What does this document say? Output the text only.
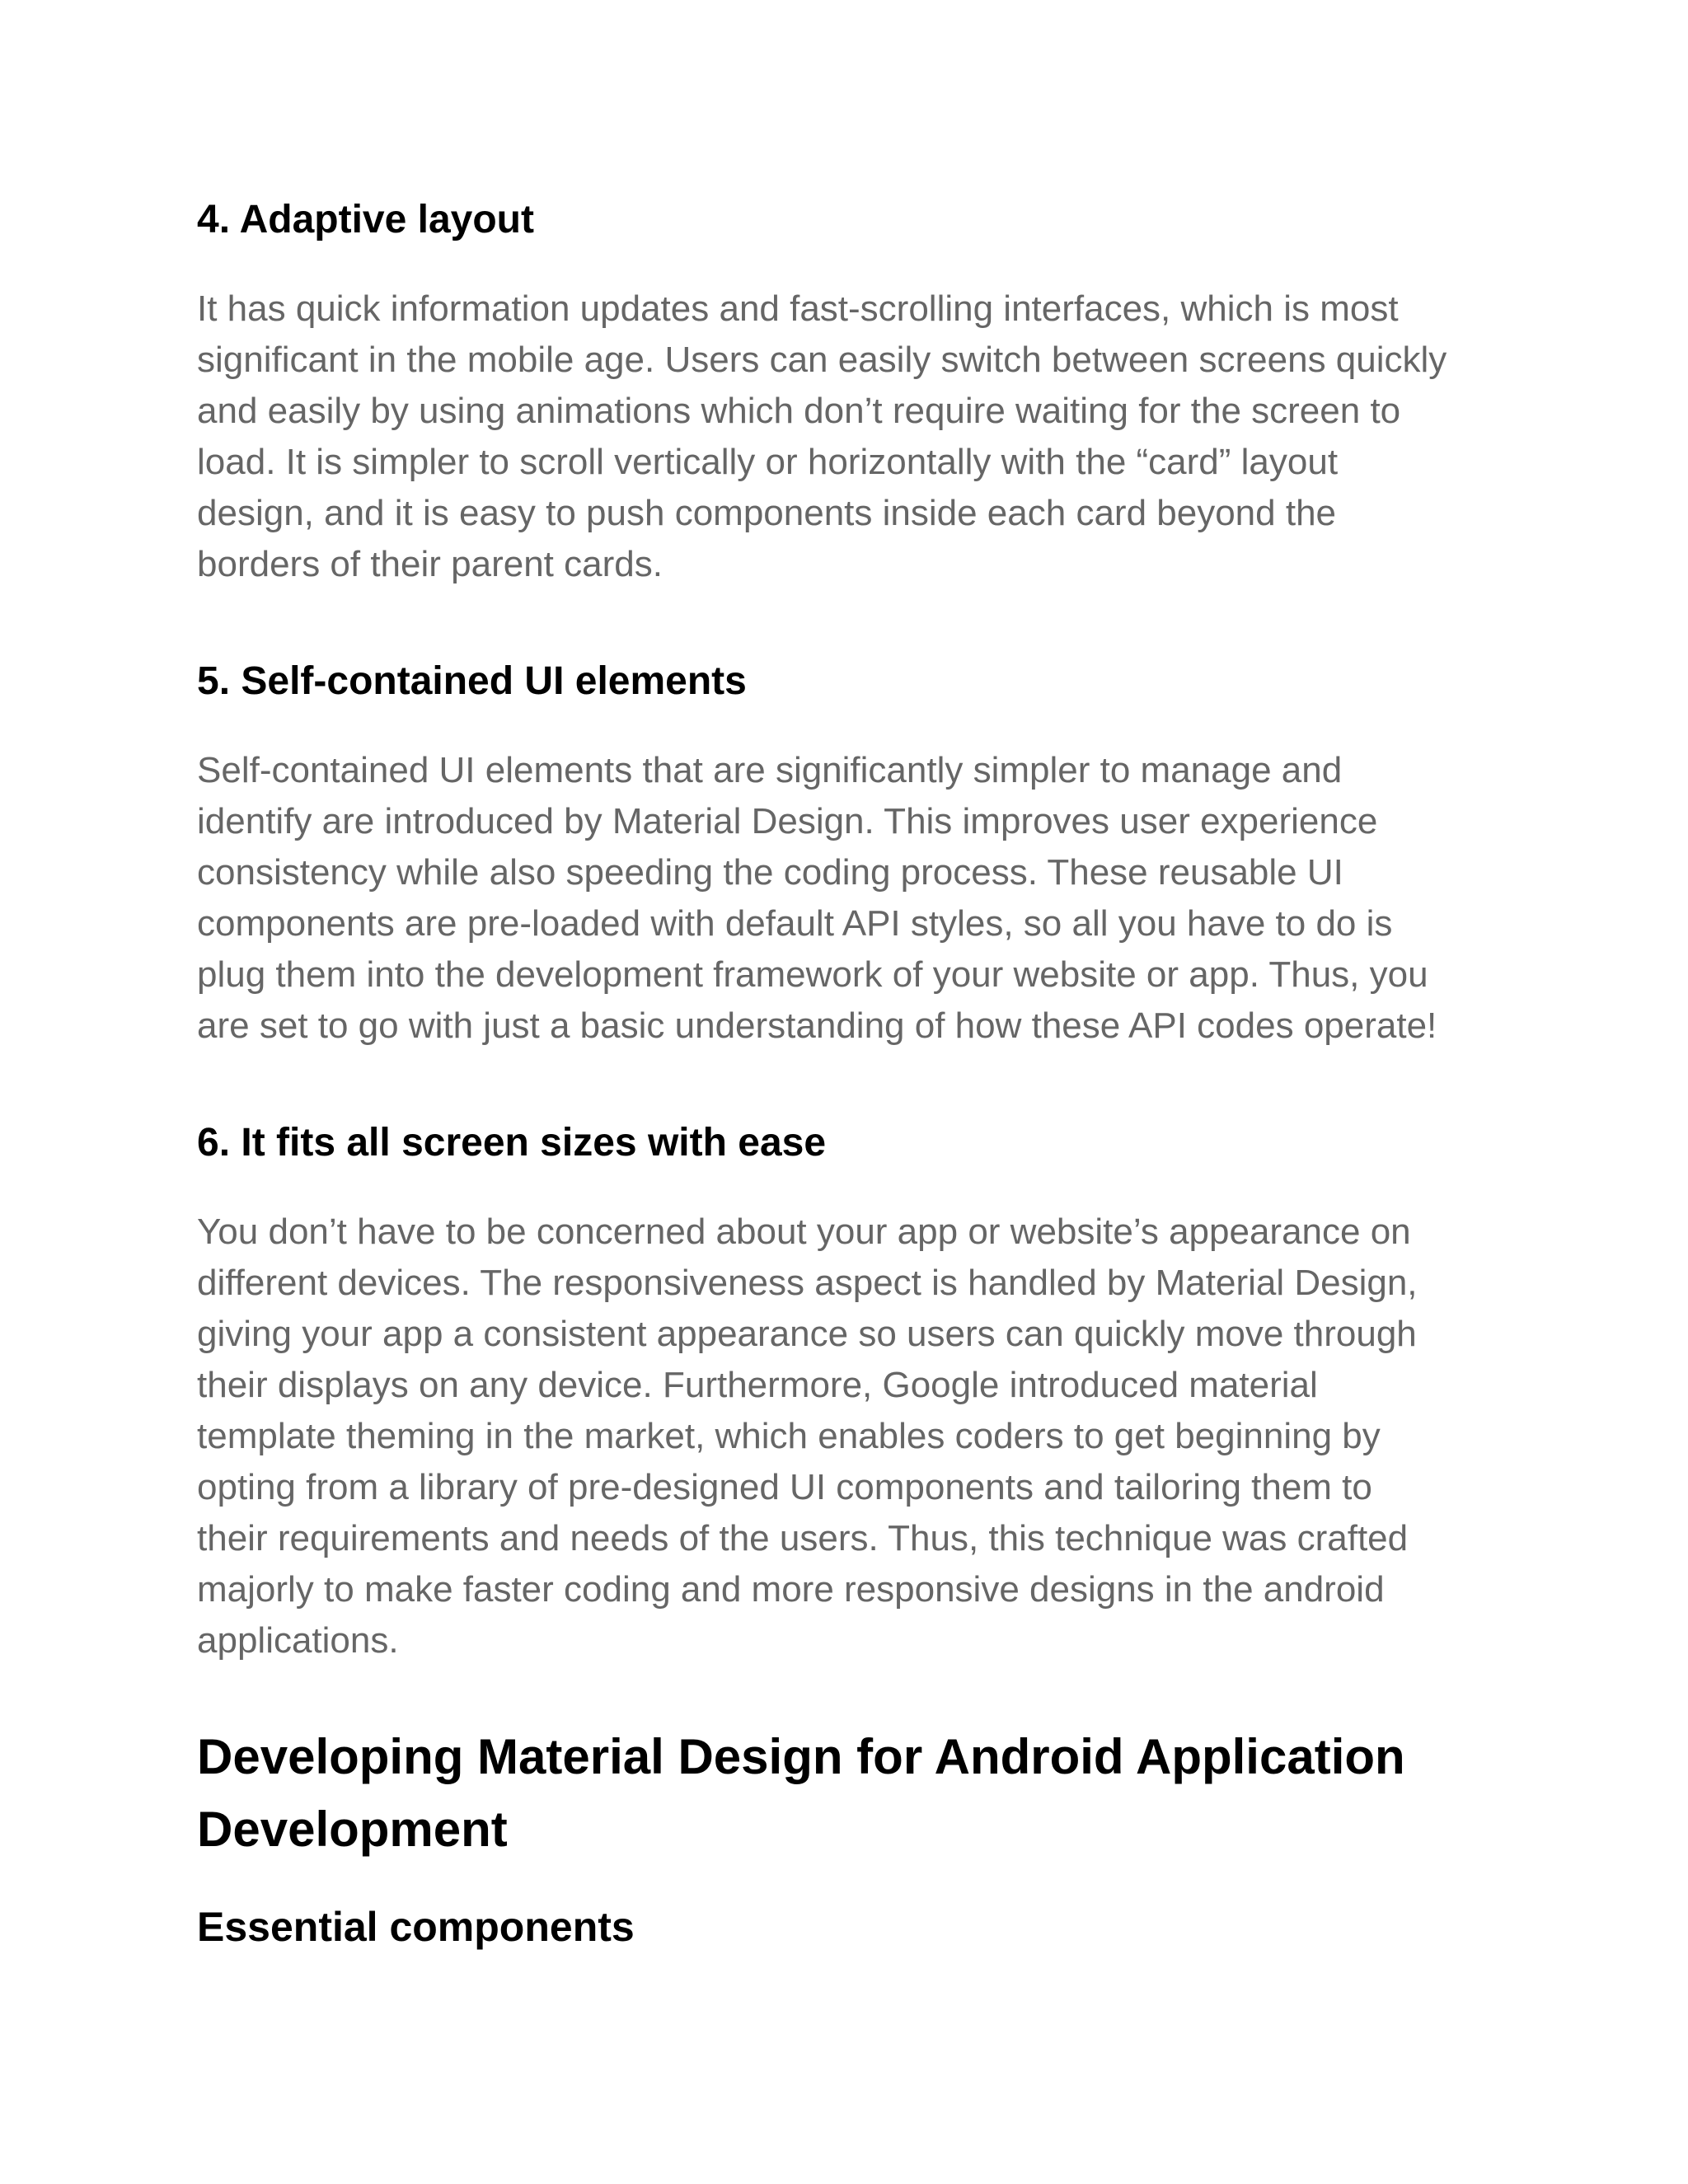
4. Adaptive layout

It has quick information updates and fast-scrolling interfaces, which is most
significant in the mobile age. Users can easily switch between screens quickly
and easily by using animations which don’t require waiting for the screen to
load. It is simpler to scroll vertically or horizontally with the “card” layout
design, and it is easy to push components inside each card beyond the
borders of their parent cards.

5. Self-contained UI elements

Self-contained UI elements that are significantly simpler to manage and
identify are introduced by Material Design. This improves user experience
consistency while also speeding the coding process. These reusable UI
components are pre-loaded with default API styles, so all you have to do is
plug them into the development framework of your website or app. Thus, you
are set to go with just a basic understanding of how these API codes operate!

6. It fits all screen sizes with ease

You don’t have to be concerned about your app or website’s appearance on
different devices. The responsiveness aspect is handled by Material Design,
giving your app a consistent appearance so users can quickly move through
their displays on any device. Furthermore, Google introduced material
template theming in the market, which enables coders to get beginning by
opting from a library of pre-designed UI components and tailoring them to
their requirements and needs of the users. Thus, this technique was crafted
majorly to make faster coding and more responsive designs in the android
applications.

Developing Material Design for Android Application
Development
Essential components
